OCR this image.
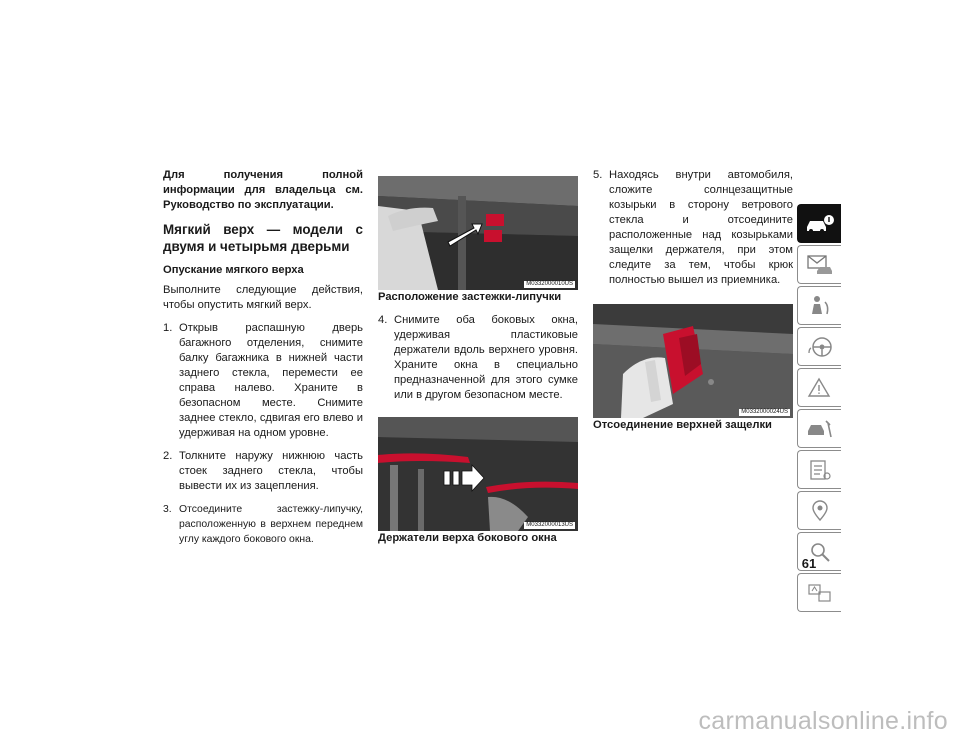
Для получения полной информации для владельца см. Руководство по эксплуатации.

Мягкий верх — модели с двумя и четырьмя дверьми

Опускание мягкого верха

Выполните следующие действия, чтобы опустить мягкий верх.

1. Открыв распашную дверь багажного отделения, снимите балку багажника в нижней части заднего стекла, перемести ее справа налево. Храните в безопасном месте. Снимите заднее стекло, сдвигая его влево и удерживая на одном уровне.
2. Толкните наружу нижнюю часть стоек заднего стекла, чтобы вывести их из зацепления.
3. Отсоедините застежку-липучку, расположенную в верхнем переднем углу каждого бокового окна.
M0332000010US

Расположение застежки-липучки

4. Снимите оба боковых окна, удерживая пластиковые держатели вдоль верхнего уровня. Храните окна в специально предназначенной для этого сумке или в другом безопасном месте.
M0332000013US

Держатели верха бокового окна

5. Находясь внутри автомобиля, сложите солнцезащитные козырьки в сторону ветрового стекла и отсоедините расположенные над козырьками защелки держателя, при этом следите за тем, чтобы крюк полностью вышел из приемника.
M0332000024US

Отсоединение верхней защелки

61
carmanualsonline.info
